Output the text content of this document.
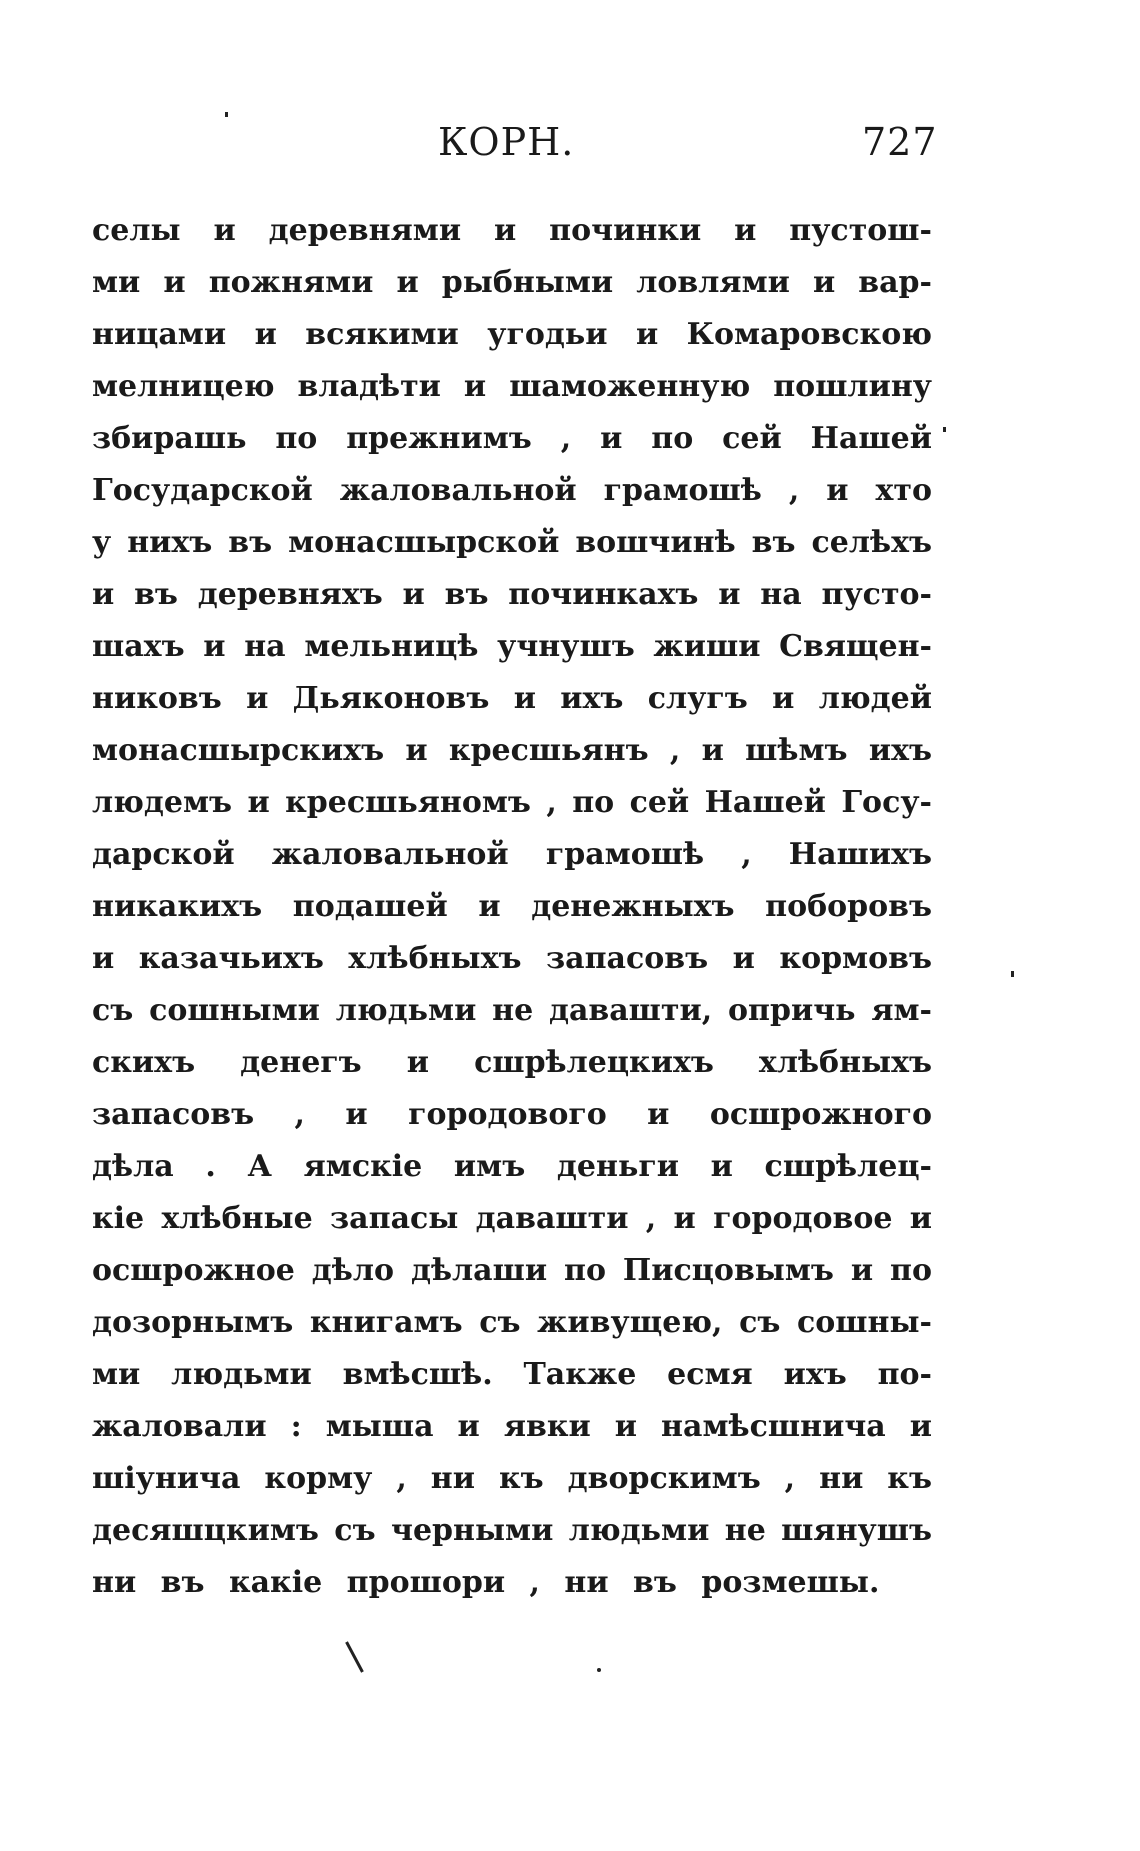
КОРН.	727
селы и деревнями и починки и пустош-
ми и пожнями и рыбными ловлями и вар-
ницами и всякими угодьи и Комаровскою
мелницею владѣти и шаможенную пошлину
збирашь по прежнимъ , и по сей Нашей
Государской жаловальной грамошѣ , и хто
у нихъ въ монасшырской вошчинѣ въ селѣхъ
и въ деревняхъ и въ починкахъ и на пусто-
шахъ и на мельницѣ учнушъ жиши Священ-
никовъ и Дьяконовъ и ихъ слугъ и людей
монасшырскихъ и кресшьянъ , и шѣмъ ихъ
людемъ и кресшьяномъ , по сей Нашей Госу-
дарской жаловальной грамошѣ , Нашихъ
никакихъ подашей и денежныхъ поборовъ
и казачьихъ хлѣбныхъ запасовъ и кормовъ
съ сошными людьми не давашти, опричь ям-
скихъ денегъ и сшрѣлецкихъ хлѣбныхъ
запасовъ , и городового и осшрожного
дѣла . А ямскіе имъ деньги и сшрѣлец-
кіе хлѣбные запасы давашти , и городовое и
осшрожное дѣло дѣлаши по Писцовымъ и по
дозорнымъ книгамъ съ живущею, съ сошны-
ми людьми вмѣсшѣ. Также есмя ихъ по-
жаловали : мыша и явки и намѣсшнича и
шіунича корму , ни къ дворскимъ , ни къ
десяшцкимъ съ черными людьми не шянушъ
ни въ какіе прошори , ни въ розмешы.
